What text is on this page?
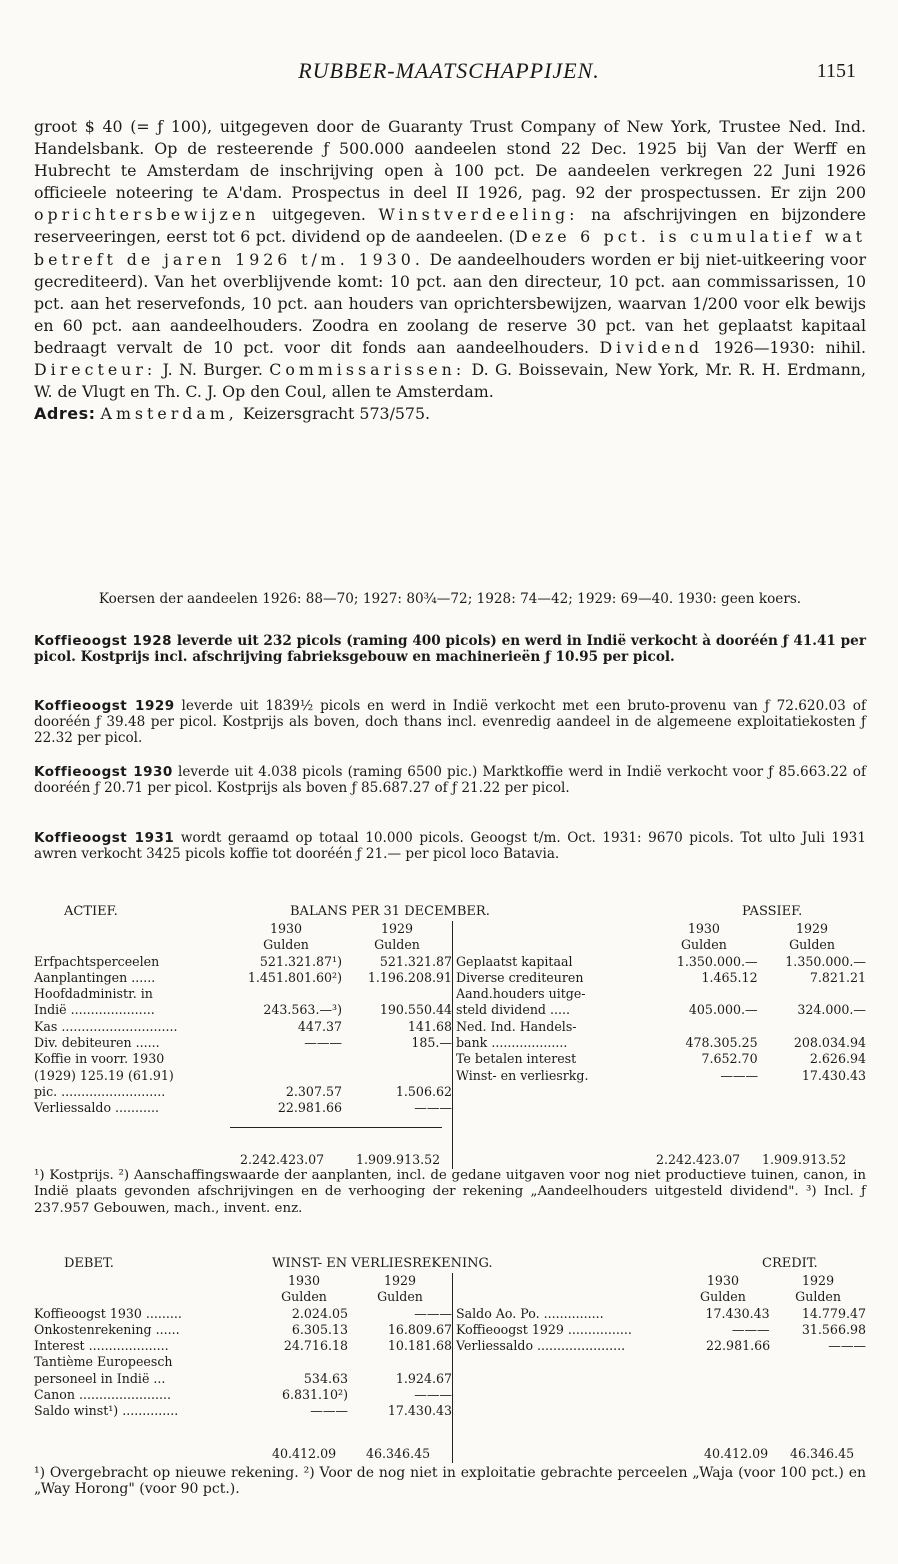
RUBBER-MAATSCHAPPIJEN.	1151

groot $ 40 (= ƒ 100), uitgegeven door de Guaranty Trust Company of New York, Trustee Ned. Ind. Handelsbank. Op de resteerende ƒ 500.000 aandeelen stond 22 Dec. 1925 bij Van der Werff en Hubrecht te Amsterdam de inschrijving open à 100 pct. De aandeelen verkregen 22 Juni 1926 officieele noteering te A'dam. Prospectus in deel II 1926, pag. 92 der prospectussen. Er zijn 200 oprichtersbewijzen uitgegeven. Winstverdeeling: na afschrijvingen en bijzondere reserveeringen, eerst tot 6 pct. dividend op de aandeelen. (Deze 6 pct. is cumulatief wat betreft de jaren 1926 t/m. 1930. De aandeelhouders worden er bij niet-uitkeering voor gecrediteerd). Van het overblijvende komt: 10 pct. aan den directeur, 10 pct. aan commissarissen, 10 pct. aan het reservefonds, 10 pct. aan houders van oprichtersbewijzen, waarvan 1/200 voor elk bewijs en 60 pct. aan aandeelhouders. Zoodra en zoolang de reserve 30 pct. van het geplaatst kapitaal bedraagt vervalt de 10 pct. voor dit fonds aan aandeelhouders. Dividend 1926—1930: nihil. Directeur: J. N. Burger. Commissarissen: D. G. Boissevain, New York, Mr. R. H. Erdmann, W. de Vlugt en Th. C. J. Op den Coul, allen te Amsterdam.
Adres: Amsterdam, Keizersgracht 573/575.

Koersen der aandeelen 1926: 88—70; 1927: 80¾—72; 1928: 74—42; 1929: 69—40. 1930: geen koers.

Koffieoogst 1928 leverde uit 232 picols (raming 400 picols) en werd in Indië verkocht à dooréén ƒ 41.41 per picol. Kostprijs incl. afschrijving fabrieksgebouw en machinerieën ƒ 10.95 per picol.

Koffieoogst 1929 leverde uit 1839½ picols en werd in Indië verkocht met een bruto-provenu van ƒ 72.620.03 of dooréén ƒ 39.48 per picol. Kostprijs als boven, doch thans incl. evenredig aandeel in de algemeene exploitatiekosten ƒ 22.32 per picol.

Koffieoogst 1930 leverde uit 4.038 picols (raming 6500 pic.) Marktkoffie werd in Indië verkocht voor ƒ 85.663.22 of dooréén ƒ 20.71 per picol. Kostprijs als boven ƒ 85.687.27 of ƒ 21.22 per picol.

Koffieoogst 1931 wordt geraamd op totaal 10.000 picols. Geoogst t/m. Oct. 1931: 9670 picols. Tot ulto Juli 1931 awren verkocht 3425 picols koffie tot dooréén ƒ 21.— per picol loco Batavia.

ACTIEF.	BALANS PER 31 DECEMBER.	PASSIEF.
	1930	1929
	Gulden	Gulden
Erfpachtsperceelen	521.321.87¹)	521.321.87
Aanplantingen ......	1.451.801.60²)	1.196.208.91
Hoofdadministr. in		
Indië .....................	243.563.—³)	190.550.44
Kas .............................	447.37	141.68
Div. debiteuren ......	———	185.—
Koffie in voorr. 1930		
(1929) 125.19 (61.91)		
pic. ..........................	2.307.57	1.506.62
Verliessaldo ...........	22.981.66	———
	1930	1929
	Gulden	Gulden
Geplaatst kapitaal	1.350.000.—	1.350.000.—
Diverse crediteuren	1.465.12	7.821.21
Aand.houders uitge-		
steld dividend .....	405.000.—	324.000.—
Ned. Ind. Handels-		
bank ...................	478.305.25	208.034.94
Te betalen interest	7.652.70	2.626.94
Winst- en verliesrkg.	———	17.430.43
2.242.423.07	1.909.913.52	2.242.423.07 1.909.913.52

¹) Kostprijs. ²) Aanschaffingswaarde der aanplanten, incl. de gedane uitgaven voor nog niet productieve tuinen, canon, in Indië plaats gevonden afschrijvingen en de verhooging der rekening „Aandeelhouders uitgesteld dividend". ³) Incl. ƒ 237.957 Gebouwen, mach., invent. enz.

DEBET.	WINST- EN VERLIESREKENING.	CREDIT.
	1930	1929
	Gulden	Gulden
Koffieoogst 1930 .........	2.024.05	———
Onkostenrekening ......	6.305.13	16.809.67
Interest ....................	24.716.18	10.181.68
Tantième Europeesch		
personeel in Indië ...	534.63	1.924.67
Canon .......................	6.831.10²)	———
Saldo winst¹) ..............	———	17.430.43
	1930	1929
	Gulden	Gulden
Saldo Ao. Po. ...............	17.430.43	14.779.47
Koffieoogst 1929 ................	———	31.566.98
Verliessaldo ......................	22.981.66	———
40.412.09 46.346.45	40.412.09 46.346.45

¹) Overgebracht op nieuwe rekening. ²) Voor de nog niet in exploitatie gebrachte perceelen „Waja (voor 100 pct.) en „Way Horong" (voor 90 pct.).
